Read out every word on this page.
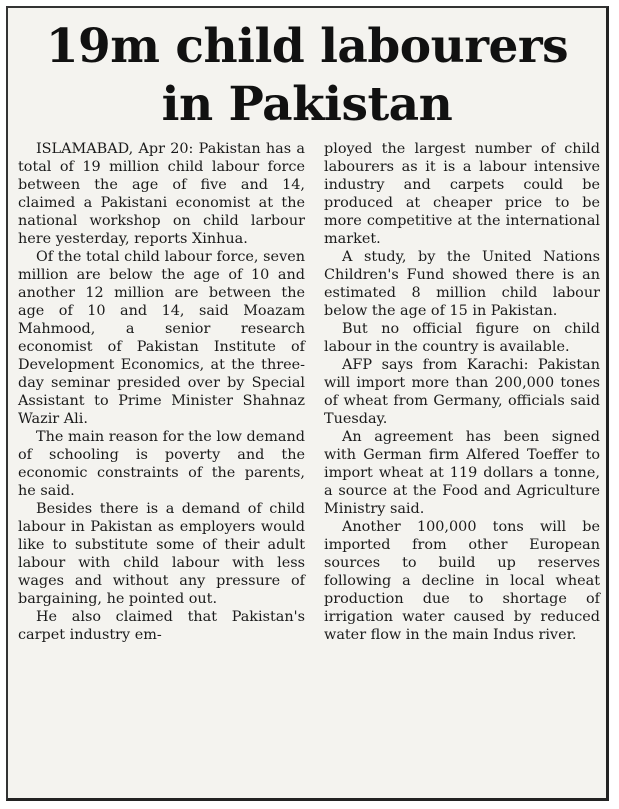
19m child labourers
in Pakistan

ISLAMABAD, Apr 20: Pakistan has a total of 19 million child labour force between the age of five and 14, claimed a Pakistani economist at the national workshop on child larbour here yesterday, reports Xinhua.

Of the total child labour force, seven million are below the age of 10 and another 12 million are between the age of 10 and 14, said Moazam Mahmood, a senior research economist of Pakistan Institute of Development Economics, at the three-day seminar presided over by Special Assistant to Prime Minister Shahnaz Wazir Ali.

The main reason for the low demand of schooling is poverty and the economic constraints of the parents, he said.

Besides there is a demand of child labour in Pakistan as employers would like to substitute some of their adult labour with child labour with less wages and without any pressure of bargaining, he pointed out.

He also claimed that Pakistan's carpet industry em-

ployed the largest number of child labourers as it is a labour intensive industry and carpets could be produced at cheaper price to be more competitive at the international market.

A study, by the United Nations Children's Fund showed there is an estimated 8 million child labour below the age of 15 in Pakistan.

But no official figure on child labour in the country is available.

AFP says from Karachi: Pakistan will import more than 200,000 tones of wheat from Germany, officials said Tuesday.

An agreement has been signed with German firm Alfered Toeffer to import wheat at 119 dollars a tonne, a source at the Food and Agriculture Ministry said.

Another 100,000 tons will be imported from other European sources to build up reserves following a decline in local wheat production due to shortage of irrigation water caused by reduced water flow in the main Indus river.
